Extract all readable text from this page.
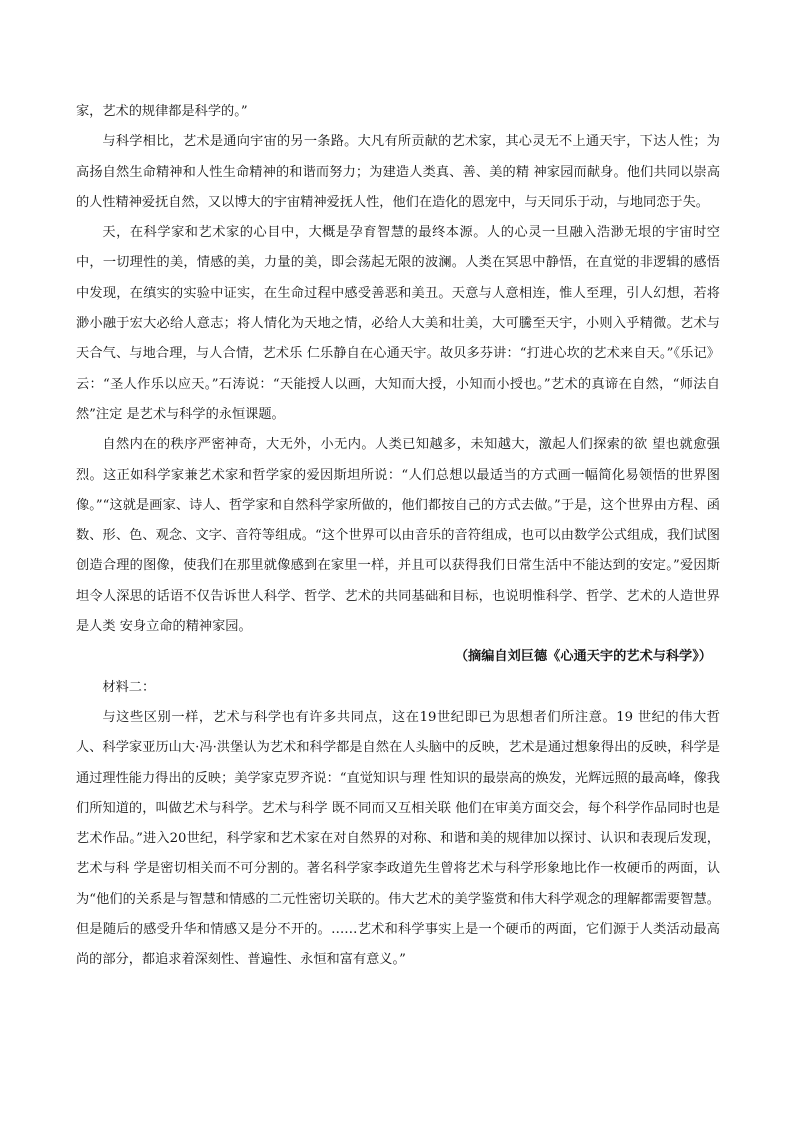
家，艺术的规律都是科学的。”

与科学相比，艺术是通向宇宙的另一条路。大凡有所贡献的艺术家，其心灵无不上通天宇，下达人性；为高扬自然生命精神和人性生命精神的和谐而努力；为建造人类真、善、美的精 神家园而献身。他们共同以崇高的人性精神爱抚自然，又以博大的宇宙精神爱抚人性，他们在造化的恩宠中，与天同乐于动，与地同恋于失。

天，在科学家和艺术家的心目中，大概是孕育智慧的最终本源。人的心灵一旦融入浩渺无垠的宇宙时空中，一切理性的美，情感的美，力量的美，即会荡起无限的波澜。人类在冥思中静悟，在直觉的非逻辑的感悟中发现，在缜实的实验中证实，在生命过程中感受善恶和美丑。天意与人意相连，惟人至理，引人幻想，若将渺小融于宏大必给人意志；将人情化为天地之情，必给人大美和壮美，大可騰至天宇，小则入乎精微。艺术与天合气、与地合理，与人合情，艺术乐 仁乐静自在心通天宇。故贝多芬讲：“打进心坎的艺术来自天。”《乐记》云：“圣人作乐以应天。”石涛说：“天能授人以画，大知而大授，小知而小授也。”艺术的真谛在自然，“师法自然”注定 是艺术与科学的永恒课题。

自然内在的秩序严密神奇，大无外，小无内。人类已知越多，未知越大，激起人们探索的欲 望也就愈强烈。这正如科学家兼艺术家和哲学家的爱因斯坦所说：“人们总想以最适当的方式画一幅简化易领悟的世界图像。”“这就是画家、诗人、哲学家和自然科学家所做的，他们都按自己的方式去做。”于是，这个世界由方程、函数、形、色、观念、文字、音符等组成。“这个世界可以由音乐的音符组成，也可以由数学公式组成，我们试图创造合理的图像，使我们在那里就像感到在家里一样，并且可以获得我们日常生活中不能达到的安定。”爱因斯坦令人深思的话语不仅告诉世人科学、哲学、艺术的共同基础和目标，也说明惟科学、哲学、艺术的人造世界是人类 安身立命的精神家园。

（摘编自刘巨德《心通天宇的艺术与科学》）

材料二：

与这些区别一样，艺术与科学也有许多共同点，这在19世纪即已为思想者们所注意。19 世纪的伟大哲人、科学家亚历山大·冯·洪堡认为艺术和科学都是自然在人头脑中的反映，艺术是通过想象得出的反映，科学是通过理性能力得出的反映；美学家克罗齐说：“直觉知识与理 性知识的最崇高的焕发，光辉远照的最高峰，像我们所知道的，叫做艺术与科学。艺术与科学 既不同而又互相关联 他们在审美方面交会，每个科学作品同时也是艺术作品。”进入20世纪，科学家和艺术家在对自然界的对称、和谐和美的规律加以探讨、认识和表现后发现，艺术与科 学是密切相关而不可分割的。著名科学家李政道先生曾将艺术与科学形象地比作一枚硬币的两面，认为“他们的关系是与智慧和情感的二元性密切关联的。伟大艺术的美学鉴赏和伟大科学观念的理解都需要智慧。但是随后的感受升华和情感又是分不开的。……艺术和科学事实上是一个硬币的两面，它们源于人类活动最高尚的部分，都追求着深刻性、普遍性、永恒和富有意义。”
